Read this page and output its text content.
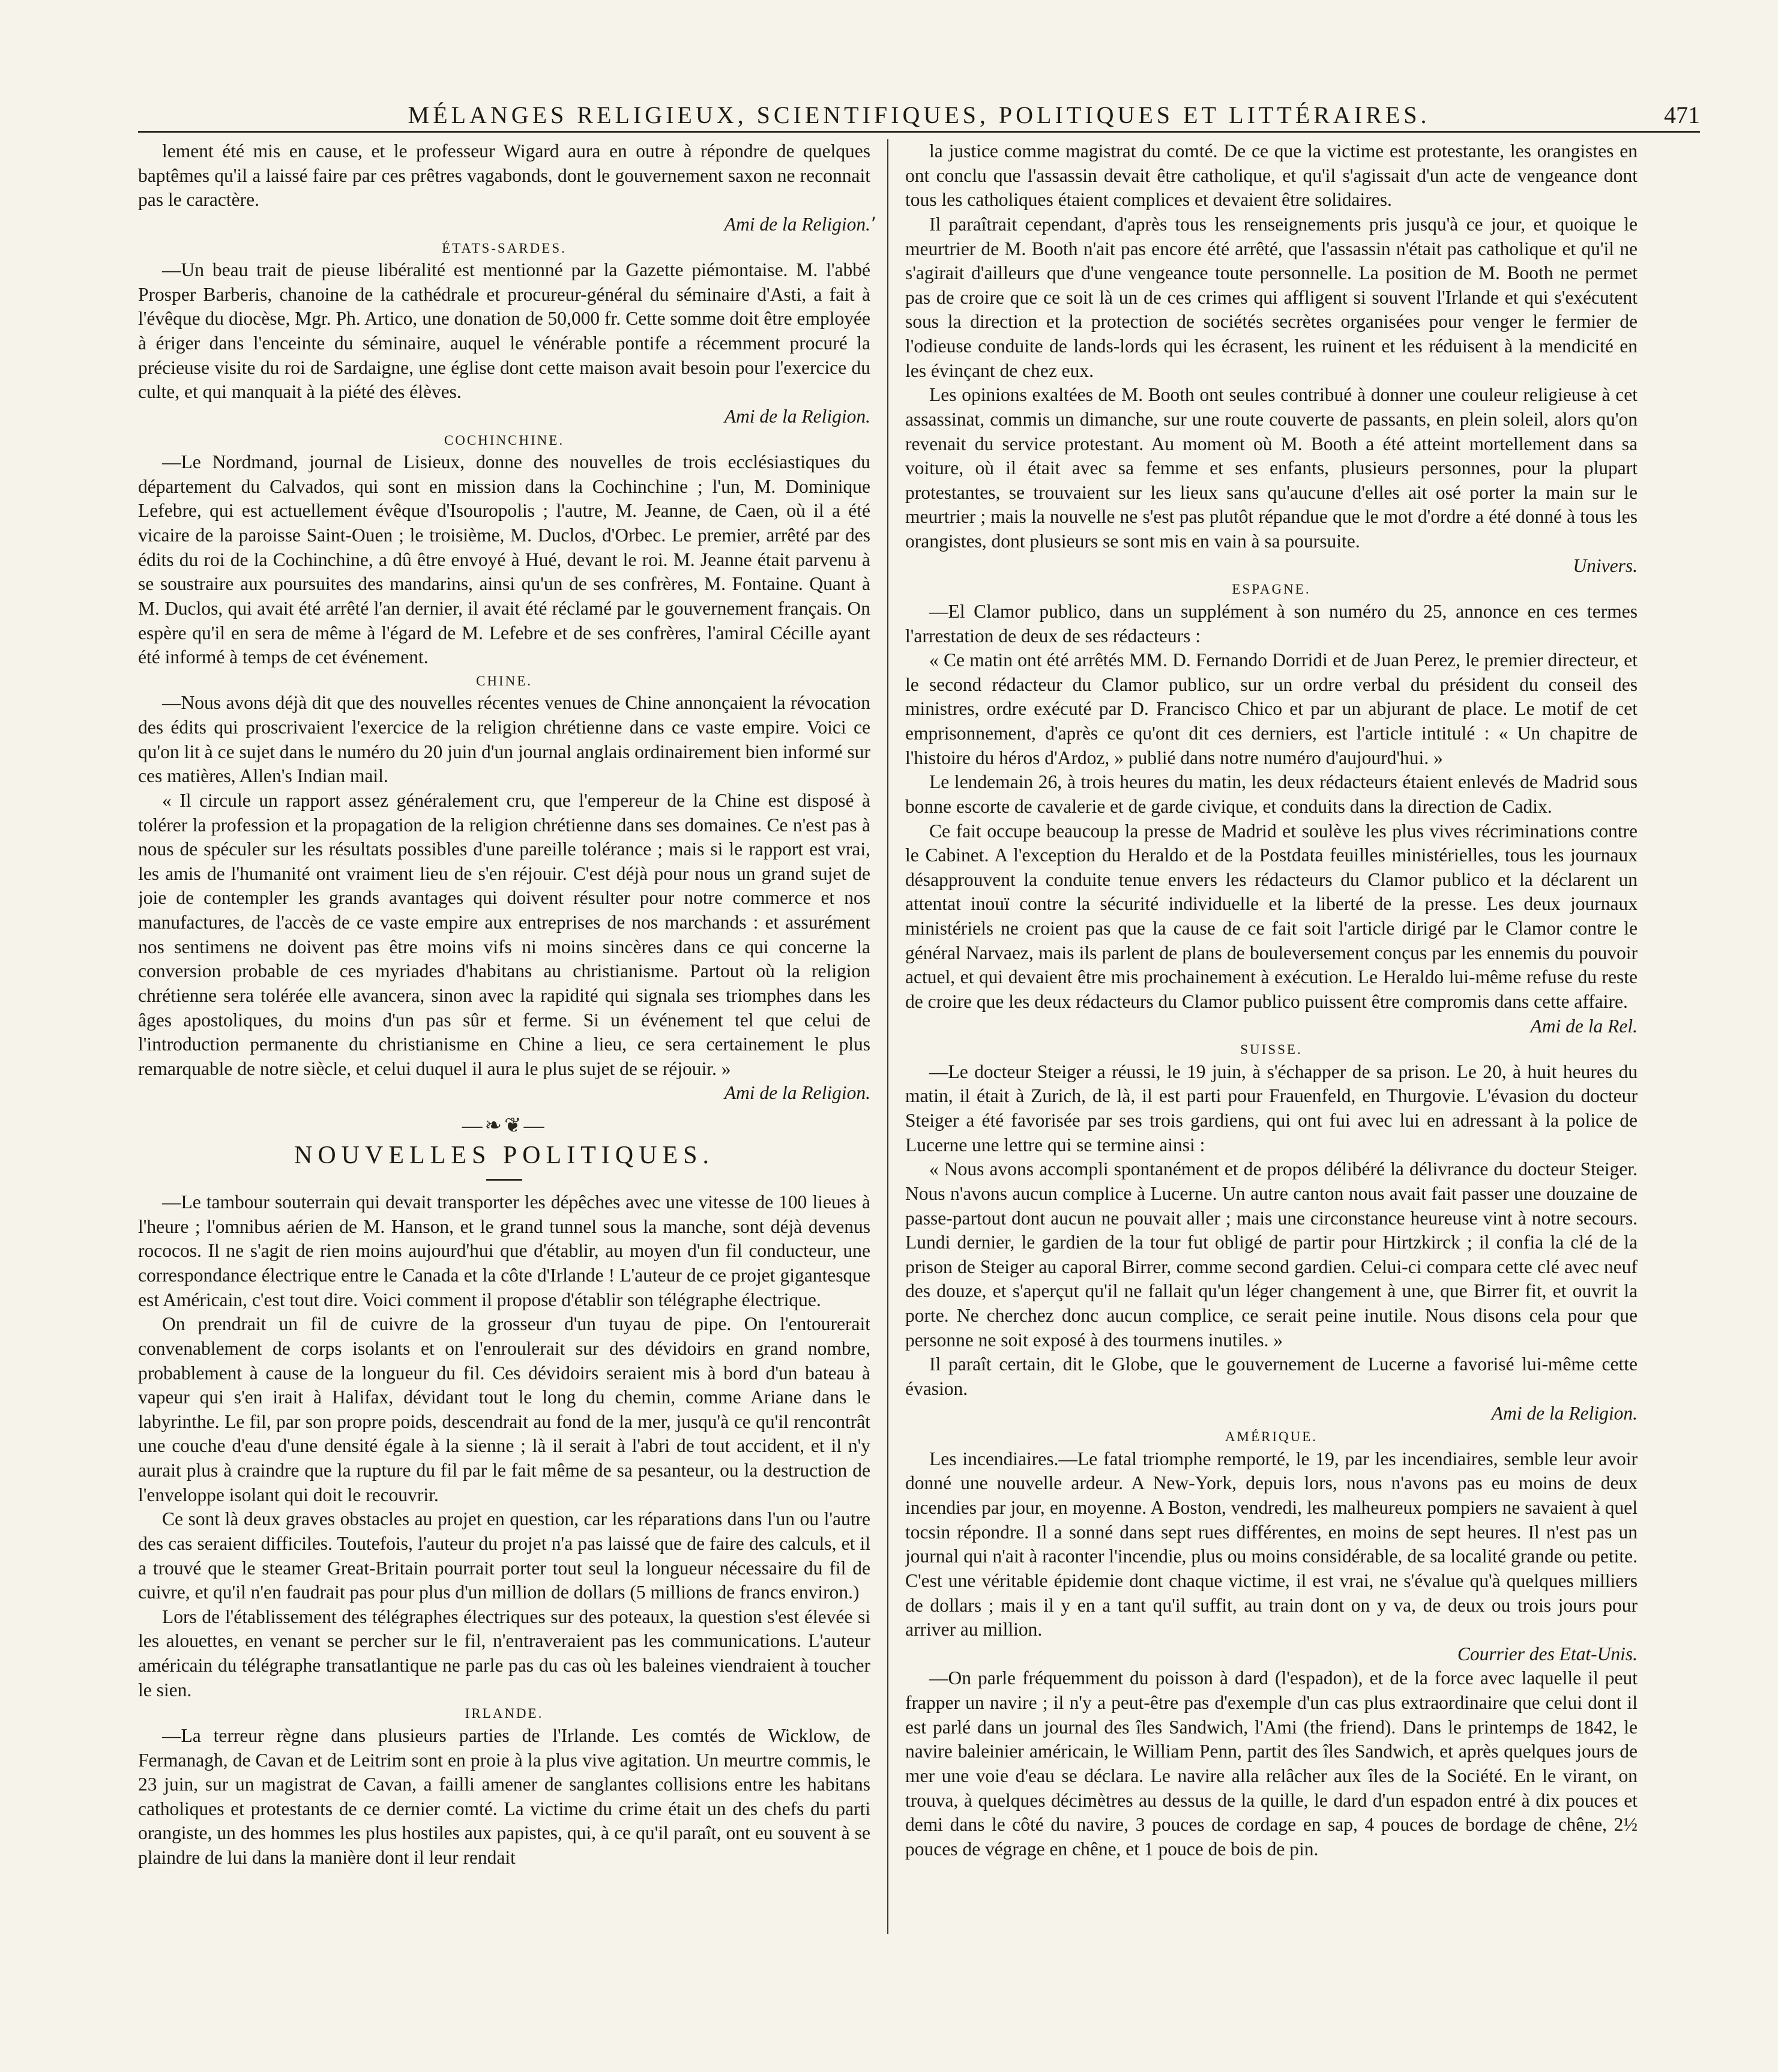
MÉLANGES RELIGIEUX, SCIENTIFIQUES, POLITIQUES ET LITTÉRAIRES.	471

lement été mis en cause, et le professeur Wigard aura en outre à répondre de quelques baptêmes qu'il a laissé faire par ces prêtres vagabonds, dont le gouvernement saxon ne reconnait pas le caractère.

Ami de la Religion.

ÉTATS-SARDES.

—Un beau trait de pieuse libéralité est mentionné par la Gazette piémontaise. M. l'abbé Prosper Barberis, chanoine de la cathédrale et procureur-général du séminaire d'Asti, a fait à l'évêque du diocèse, Mgr. Ph. Artico, une donation de 50,000 fr. Cette somme doit être employée à ériger dans l'enceinte du séminaire, auquel le vénérable pontife a récemment procuré la précieuse visite du roi de Sardaigne, une église dont cette maison avait besoin pour l'exercice du culte, et qui manquait à la piété des élèves.

Ami de la Religion.

COCHINCHINE.

—Le Nordmand, journal de Lisieux, donne des nouvelles de trois ecclésiastiques du département du Calvados, qui sont en mission dans la Cochinchine ; l'un, M. Dominique Lefebre, qui est actuellement évêque d'Isouropolis ; l'autre, M. Jeanne, de Caen, où il a été vicaire de la paroisse Saint-Ouen ; le troisième, M. Duclos, d'Orbec. Le premier, arrêté par des édits du roi de la Cochinchine, a dû être envoyé à Hué, devant le roi. M. Jeanne était parvenu à se soustraire aux poursuites des mandarins, ainsi qu'un de ses confrères, M. Fontaine. Quant à M. Duclos, qui avait été arrêté l'an dernier, il avait été réclamé par le gouvernement français. On espère qu'il en sera de même à l'égard de M. Lefebre et de ses confrères, l'amiral Cécille ayant été informé à temps de cet événement.

CHINE.

—Nous avons déjà dit que des nouvelles récentes venues de Chine annonçaient la révocation des édits qui proscrivaient l'exercice de la religion chrétienne dans ce vaste empire. Voici ce qu'on lit à ce sujet dans le numéro du 20 juin d'un journal anglais ordinairement bien informé sur ces matières, Allen's Indian mail.

« Il circule un rapport assez généralement cru, que l'empereur de la Chine est disposé à tolérer la profession et la propagation de la religion chrétienne dans ses domaines. Ce n'est pas à nous de spéculer sur les résultats possibles d'une pareille tolérance ; mais si le rapport est vrai, les amis de l'humanité ont vraiment lieu de s'en réjouir. C'est déjà pour nous un grand sujet de joie de contempler les grands avantages qui doivent résulter pour notre commerce et nos manufactures, de l'accès de ce vaste empire aux entreprises de nos marchands : et assurément nos sentimens ne doivent pas être moins vifs ni moins sincères dans ce qui concerne la conversion probable de ces myriades d'habitans au christianisme. Partout où la religion chrétienne sera tolérée elle avancera, sinon avec la rapidité qui signala ses triomphes dans les âges apostoliques, du moins d'un pas sûr et ferme. Si un événement tel que celui de l'introduction permanente du christianisme en Chine a lieu, ce sera certainement le plus remarquable de notre siècle, et celui duquel il aura le plus sujet de se réjouir. »

Ami de la Religion.

—❧❦—
NOUVELLES POLITIQUES.

—Le tambour souterrain qui devait transporter les dépêches avec une vitesse de 100 lieues à l'heure ; l'omnibus aérien de M. Hanson, et le grand tunnel sous la manche, sont déjà devenus rococos. Il ne s'agit de rien moins aujourd'hui que d'établir, au moyen d'un fil conducteur, une correspondance électrique entre le Canada et la côte d'Irlande ! L'auteur de ce projet gigantesque est Américain, c'est tout dire. Voici comment il propose d'établir son télégraphe électrique.

On prendrait un fil de cuivre de la grosseur d'un tuyau de pipe. On l'entourerait convenablement de corps isolants et on l'enroulerait sur des dévidoirs en grand nombre, probablement à cause de la longueur du fil. Ces dévidoirs seraient mis à bord d'un bateau à vapeur qui s'en irait à Halifax, dévidant tout le long du chemin, comme Ariane dans le labyrinthe. Le fil, par son propre poids, descendrait au fond de la mer, jusqu'à ce qu'il rencontrât une couche d'eau d'une densité égale à la sienne ; là il serait à l'abri de tout accident, et il n'y aurait plus à craindre que la rupture du fil par le fait même de sa pesanteur, ou la destruction de l'enveloppe isolant qui doit le recouvrir.

Ce sont là deux graves obstacles au projet en question, car les réparations dans l'un ou l'autre des cas seraient difficiles. Toutefois, l'auteur du projet n'a pas laissé que de faire des calculs, et il a trouvé que le steamer Great-Britain pourrait porter tout seul la longueur nécessaire du fil de cuivre, et qu'il n'en faudrait pas pour plus d'un million de dollars (5 millions de francs environ.)

Lors de l'établissement des télégraphes électriques sur des poteaux, la question s'est élevée si les alouettes, en venant se percher sur le fil, n'entraveraient pas les communications. L'auteur américain du télégraphe transatlantique ne parle pas du cas où les baleines viendraient à toucher le sien.

IRLANDE.

—La terreur règne dans plusieurs parties de l'Irlande. Les comtés de Wicklow, de Fermanagh, de Cavan et de Leitrim sont en proie à la plus vive agitation. Un meurtre commis, le 23 juin, sur un magistrat de Cavan, a failli amener de sanglantes collisions entre les habitans catholiques et protestants de ce dernier comté. La victime du crime était un des chefs du parti orangiste, un des hommes les plus hostiles aux papistes, qui, à ce qu'il paraît, ont eu souvent à se plaindre de lui dans la manière dont il leur rendait

la justice comme magistrat du comté. De ce que la victime est protestante, les orangistes en ont conclu que l'assassin devait être catholique, et qu'il s'agissait d'un acte de vengeance dont tous les catholiques étaient complices et devaient être solidaires.

Il paraîtrait cependant, d'après tous les renseignements pris jusqu'à ce jour, et quoique le meurtrier de M. Booth n'ait pas encore été arrêté, que l'assassin n'était pas catholique et qu'il ne s'agirait d'ailleurs que d'une vengeance toute personnelle. La position de M. Booth ne permet pas de croire que ce soit là un de ces crimes qui affligent si souvent l'Irlande et qui s'exécutent sous la direction et la protection de sociétés secrètes organisées pour venger le fermier de l'odieuse conduite de lands-lords qui les écrasent, les ruinent et les réduisent à la mendicité en les évinçant de chez eux.

Les opinions exaltées de M. Booth ont seules contribué à donner une couleur religieuse à cet assassinat, commis un dimanche, sur une route couverte de passants, en plein soleil, alors qu'on revenait du service protestant. Au moment où M. Booth a été atteint mortellement dans sa voiture, où il était avec sa femme et ses enfants, plusieurs personnes, pour la plupart protestantes, se trouvaient sur les lieux sans qu'aucune d'elles ait osé porter la main sur le meurtrier ; mais la nouvelle ne s'est pas plutôt répandue que le mot d'ordre a été donné à tous les orangistes, dont plusieurs se sont mis en vain à sa poursuite.

Univers.

ESPAGNE.

—El Clamor publico, dans un supplément à son numéro du 25, annonce en ces termes l'arrestation de deux de ses rédacteurs :

« Ce matin ont été arrêtés MM. D. Fernando Dorridi et de Juan Perez, le premier directeur, et le second rédacteur du Clamor publico, sur un ordre verbal du président du conseil des ministres, ordre exécuté par D. Francisco Chico et par un abjurant de place. Le motif de cet emprisonnement, d'après ce qu'ont dit ces derniers, est l'article intitulé : « Un chapitre de l'histoire du héros d'Ardoz, » publié dans notre numéro d'aujourd'hui. »

Le lendemain 26, à trois heures du matin, les deux rédacteurs étaient enlevés de Madrid sous bonne escorte de cavalerie et de garde civique, et conduits dans la direction de Cadix.

Ce fait occupe beaucoup la presse de Madrid et soulève les plus vives récriminations contre le Cabinet. A l'exception du Heraldo et de la Postdata feuilles ministérielles, tous les journaux désapprouvent la conduite tenue envers les rédacteurs du Clamor publico et la déclarent un attentat inouï contre la sécurité individuelle et la liberté de la presse. Les deux journaux ministériels ne croient pas que la cause de ce fait soit l'article dirigé par le Clamor contre le général Narvaez, mais ils parlent de plans de bouleversement conçus par les ennemis du pouvoir actuel, et qui devaient être mis prochainement à exécution. Le Heraldo lui-même refuse du reste de croire que les deux rédacteurs du Clamor publico puissent être compromis dans cette affaire.

Ami de la Rel.

SUISSE.

—Le docteur Steiger a réussi, le 19 juin, à s'échapper de sa prison. Le 20, à huit heures du matin, il était à Zurich, de là, il est parti pour Frauenfeld, en Thurgovie. L'évasion du docteur Steiger a été favorisée par ses trois gardiens, qui ont fui avec lui en adressant à la police de Lucerne une lettre qui se termine ainsi :

« Nous avons accompli spontanément et de propos délibéré la délivrance du docteur Steiger. Nous n'avons aucun complice à Lucerne. Un autre canton nous avait fait passer une douzaine de passe-partout dont aucun ne pouvait aller ; mais une circonstance heureuse vint à notre secours. Lundi dernier, le gardien de la tour fut obligé de partir pour Hirtzkirck ; il confia la clé de la prison de Steiger au caporal Birrer, comme second gardien. Celui-ci compara cette clé avec neuf des douze, et s'aperçut qu'il ne fallait qu'un léger changement à une, que Birrer fit, et ouvrit la porte. Ne cherchez donc aucun complice, ce serait peine inutile. Nous disons cela pour que personne ne soit exposé à des tourmens inutiles. »

Il paraît certain, dit le Globe, que le gouvernement de Lucerne a favorisé lui-même cette évasion.

Ami de la Religion.

AMÉRIQUE.

Les incendiaires.—Le fatal triomphe remporté, le 19, par les incendiaires, semble leur avoir donné une nouvelle ardeur. A New-York, depuis lors, nous n'avons pas eu moins de deux incendies par jour, en moyenne. A Boston, vendredi, les malheureux pompiers ne savaient à quel tocsin répondre. Il a sonné dans sept rues différentes, en moins de sept heures. Il n'est pas un journal qui n'ait à raconter l'incendie, plus ou moins considérable, de sa localité grande ou petite. C'est une véritable épidemie dont chaque victime, il est vrai, ne s'évalue qu'à quelques milliers de dollars ; mais il y en a tant qu'il suffit, au train dont on y va, de deux ou trois jours pour arriver au million.

Courrier des Etat-Unis.

—On parle fréquemment du poisson à dard (l'espadon), et de la force avec laquelle il peut frapper un navire ; il n'y a peut-être pas d'exemple d'un cas plus extraordinaire que celui dont il est parlé dans un journal des îles Sandwich, l'Ami (the friend). Dans le printemps de 1842, le navire baleinier américain, le William Penn, partit des îles Sandwich, et après quelques jours de mer une voie d'eau se déclara. Le navire alla relâcher aux îles de la Société. En le virant, on trouva, à quelques décimètres au dessus de la quille, le dard d'un espadon entré à dix pouces et demi dans le côté du navire, 3 pouces de cordage en sap, 4 pouces de bordage de chêne, 2½ pouces de végrage en chêne, et 1 pouce de bois de pin.

⸴
